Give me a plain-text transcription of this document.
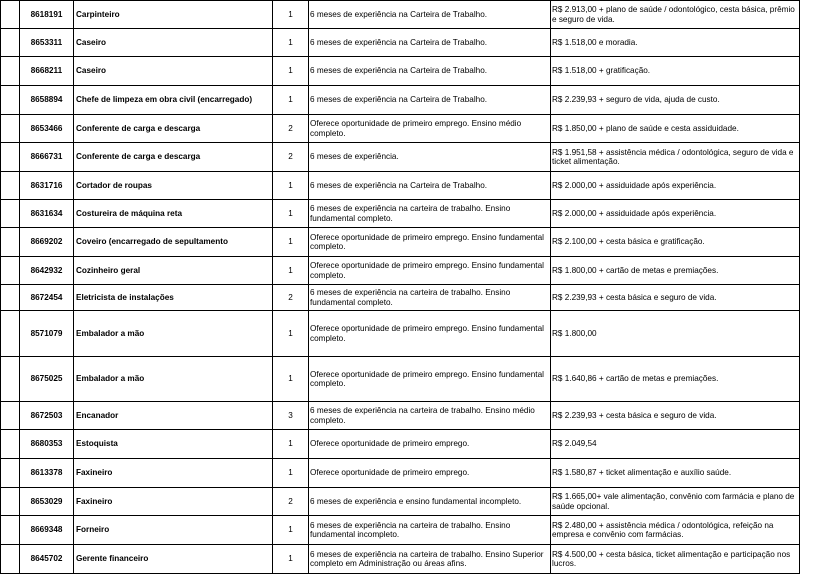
	8618191	Carpinteiro	1	6 meses de experiência na Carteira de Trabalho.	R$ 2.913,00 + plano de saúde / odontológico, cesta básica, prêmio e seguro de vida.
	8653311	Caseiro	1	6 meses de experiência na Carteira de Trabalho.	R$ 1.518,00 e moradia.
	8668211	Caseiro	1	6 meses de experiência na Carteira de Trabalho.	R$ 1.518,00 + gratificação.
	8658894	Chefe de limpeza em obra civil (encarregado)	1	6 meses de experiência na Carteira de Trabalho.	R$ 2.239,93 + seguro de vida, ajuda de custo.
	8653466	Conferente de carga e descarga	2	Oferece oportunidade de primeiro emprego. Ensino médio completo.	R$ 1.850,00 + plano de saúde e cesta assiduidade.
	8666731	Conferente de carga e descarga	2	6 meses de experiência.	R$ 1.951,58 + assistência médica / odontológica, seguro de vida e ticket alimentação.
	8631716	Cortador de roupas	1	6 meses de experiência na Carteira de Trabalho.	R$ 2.000,00 + assiduidade após experiência.
	8631634	Costureira de máquina reta	1	6 meses de experiência na carteira de trabalho. Ensino fundamental completo.	R$ 2.000,00 + assiduidade após experiência.
	8669202	Coveiro (encarregado de sepultamento	1	Oferece oportunidade de primeiro emprego. Ensino fundamental completo.	R$ 2.100,00 + cesta básica e gratificação.
	8642932	Cozinheiro geral	1	Oferece oportunidade de primeiro emprego. Ensino fundamental completo.	R$ 1.800,00 + cartão de metas e premiações.
	8672454	Eletricista de instalações	2	6 meses de experiência na carteira de trabalho. Ensino fundamental completo.	R$ 2.239,93 + cesta básica e seguro de vida.
	8571079	Embalador a mão	1	Oferece oportunidade de primeiro emprego. Ensino fundamental completo.	R$ 1.800,00
	8675025	Embalador a mão	1	Oferece oportunidade de primeiro emprego. Ensino fundamental completo.	R$ 1.640,86 + cartão de metas e premiações.
	8672503	Encanador	3	6 meses de experiência na carteira de trabalho. Ensino médio completo.	R$ 2.239,93 + cesta básica e seguro de vida.
	8680353	Estoquista	1	Oferece oportunidade de primeiro emprego.	R$ 2.049,54
	8613378	Faxineiro	1	Oferece oportunidade de primeiro emprego.	R$ 1.580,87 + ticket alimentação e auxílio saúde.
	8653029	Faxineiro	2	6 meses de experiência e ensino fundamental incompleto.	R$ 1.665,00+ vale alimentação, convênio com farmácia e plano de saúde opcional.
	8669348	Forneiro	1	6 meses de experiência na carteira de trabalho. Ensino fundamental incompleto.	R$ 2.480,00 + assistência médica / odontológica, refeição na empresa e convênio com farmácias.
	8645702	Gerente financeiro	1	6 meses de experiência na carteira de trabalho. Ensino Superior completo em Administração ou áreas afins.	R$ 4.500,00 + cesta básica, ticket alimentação e participação nos lucros.
